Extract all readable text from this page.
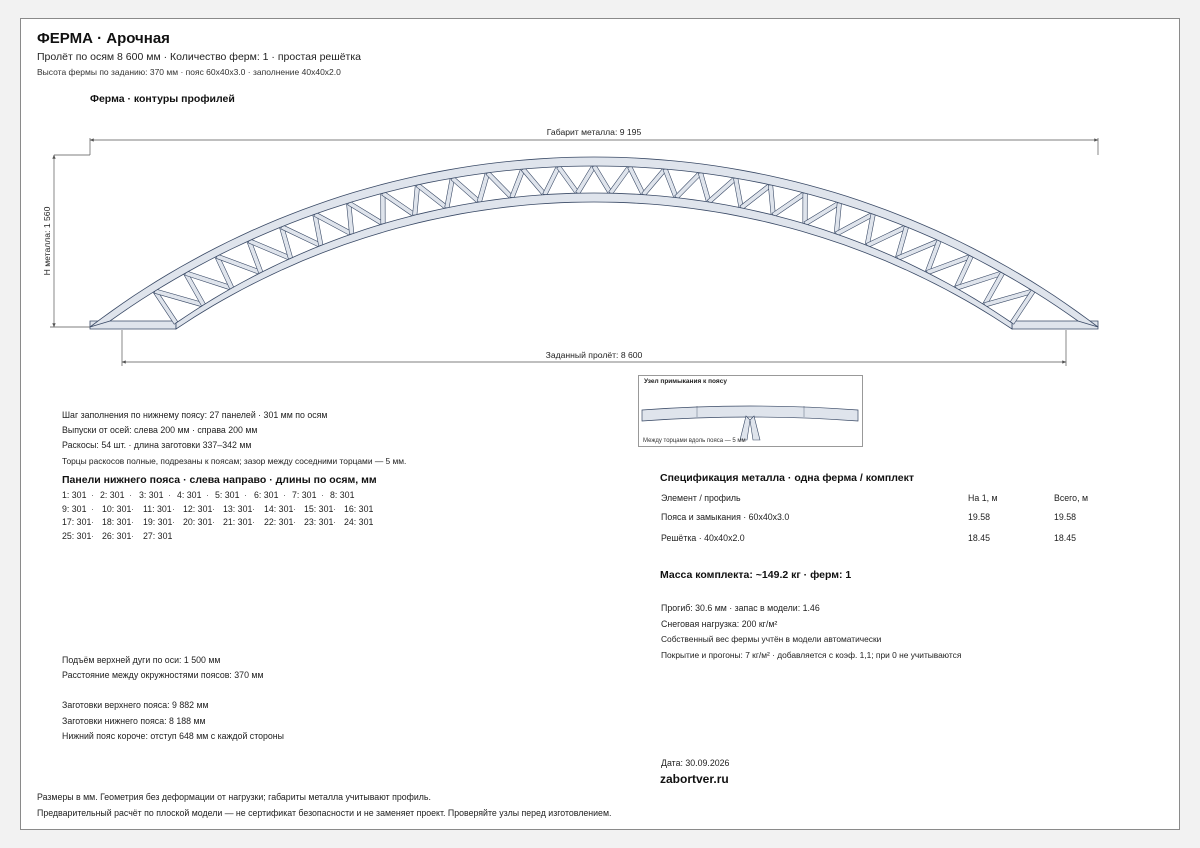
ФЕРМА · Арочная
Пролёт по осям 8 600 мм · Количество ферм: 1 · простая решётка
Высота фермы по заданию: 370 мм · пояс 60x40x3.0 · заполнение 40x40x2.0
Ферма · контуры профилей
Габарит металла: 9 195
Н металла: 1 560
Заданный пролёт: 8 600
Шаг заполнения по нижнему поясу: 27 панелей · 301 мм по осям
Выпуски от осей: слева 200 мм · справа 200 мм
Раскосы: 54 шт. · длина заготовки 337–342 мм
Торцы раскосов полные, подрезаны к поясам; зазор между соседними торцами — 5 мм.
Панели нижнего пояса · слева направо · длины по осям, мм
1: 301 · 2: 301 · 3: 301 · 4: 301 · 5: 301 · 6: 301 · 7: 301 · 8: 301
9: 301 · 10: 301 · 11: 301 · 12: 301 · 13: 301 · 14: 301 · 15: 301 · 16: 301
17: 301 · 18: 301 · 19: 301 · 20: 301 · 21: 301 · 22: 301 · 23: 301 · 24: 301
25: 301 · 26: 301 · 27: 301
Узел примыкания к поясу
Между торцами вдоль пояса — 5 мм
Спецификация металла · одна ферма / комплект
Элемент / профиль	На 1, м	Всего, м
Пояса и замыкания · 60x40x3.0	19.58	19.58
Решётка · 40x40x2.0	18.45	18.45
Масса комплекта: ~149.2 кг · ферм: 1
Прогиб: 30.6 мм · запас в модели: 1.46
Снеговая нагрузка: 200 кг/м²
Собственный вес фермы учтён в модели автоматически
Покрытие и прогоны: 7 кг/м² · добавляется с коэф. 1,1; при 0 не учитываются
Подъём верхней дуги по оси: 1 500 мм
Расстояние между окружностями поясов: 370 мм
Заготовки верхнего пояса: 9 882 мм
Заготовки нижнего пояса: 8 188 мм
Нижний пояс короче: отступ 648 мм с каждой стороны
Дата: 30.09.2026
zabortver.ru
Размеры в мм. Геометрия без деформации от нагрузки; габариты металла учитывают профиль.
Предварительный расчёт по плоской модели — не сертификат безопасности и не заменяет проект. Проверяйте узлы перед изготовлением.
